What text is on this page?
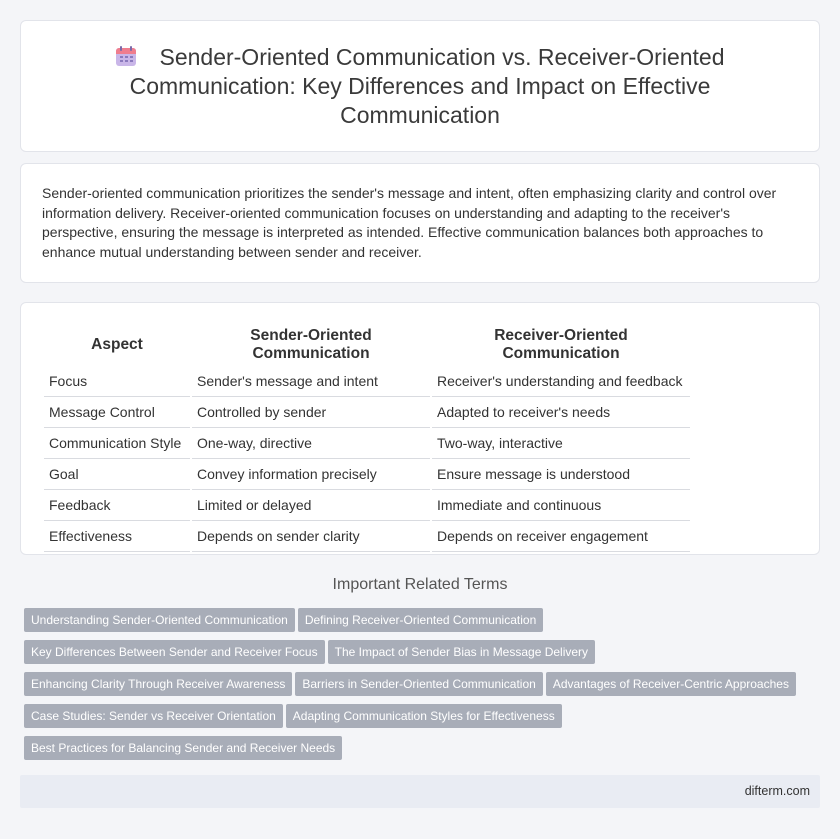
Sender-Oriented Communication vs. Receiver-Oriented Communication: Key Differences and Impact on Effective Communication

Sender-oriented communication prioritizes the sender's message and intent, often emphasizing clarity and control over information delivery. Receiver-oriented communication focuses on understanding and adapting to the receiver's perspective, ensuring the message is interpreted as intended. Effective communication balances both approaches to enhance mutual understanding between sender and receiver.

Aspect	Sender-Oriented Communication	Receiver-Oriented Communication
Focus	Sender's message and intent	Receiver's understanding and feedback
Message Control	Controlled by sender	Adapted to receiver's needs
Communication Style	One-way, directive	Two-way, interactive
Goal	Convey information precisely	Ensure message is understood
Feedback	Limited or delayed	Immediate and continuous
Effectiveness	Depends on sender clarity	Depends on receiver engagement
Important Related Terms
Understanding Sender-Oriented Communication Defining Receiver-Oriented Communication
Key Differences Between Sender and Receiver Focus The Impact of Sender Bias in Message Delivery
Enhancing Clarity Through Receiver Awareness Barriers in Sender-Oriented Communication Advantages of Receiver-Centric Approaches
Case Studies: Sender vs Receiver Orientation Adapting Communication Styles for Effectiveness
Best Practices for Balancing Sender and Receiver Needs
difterm.com
